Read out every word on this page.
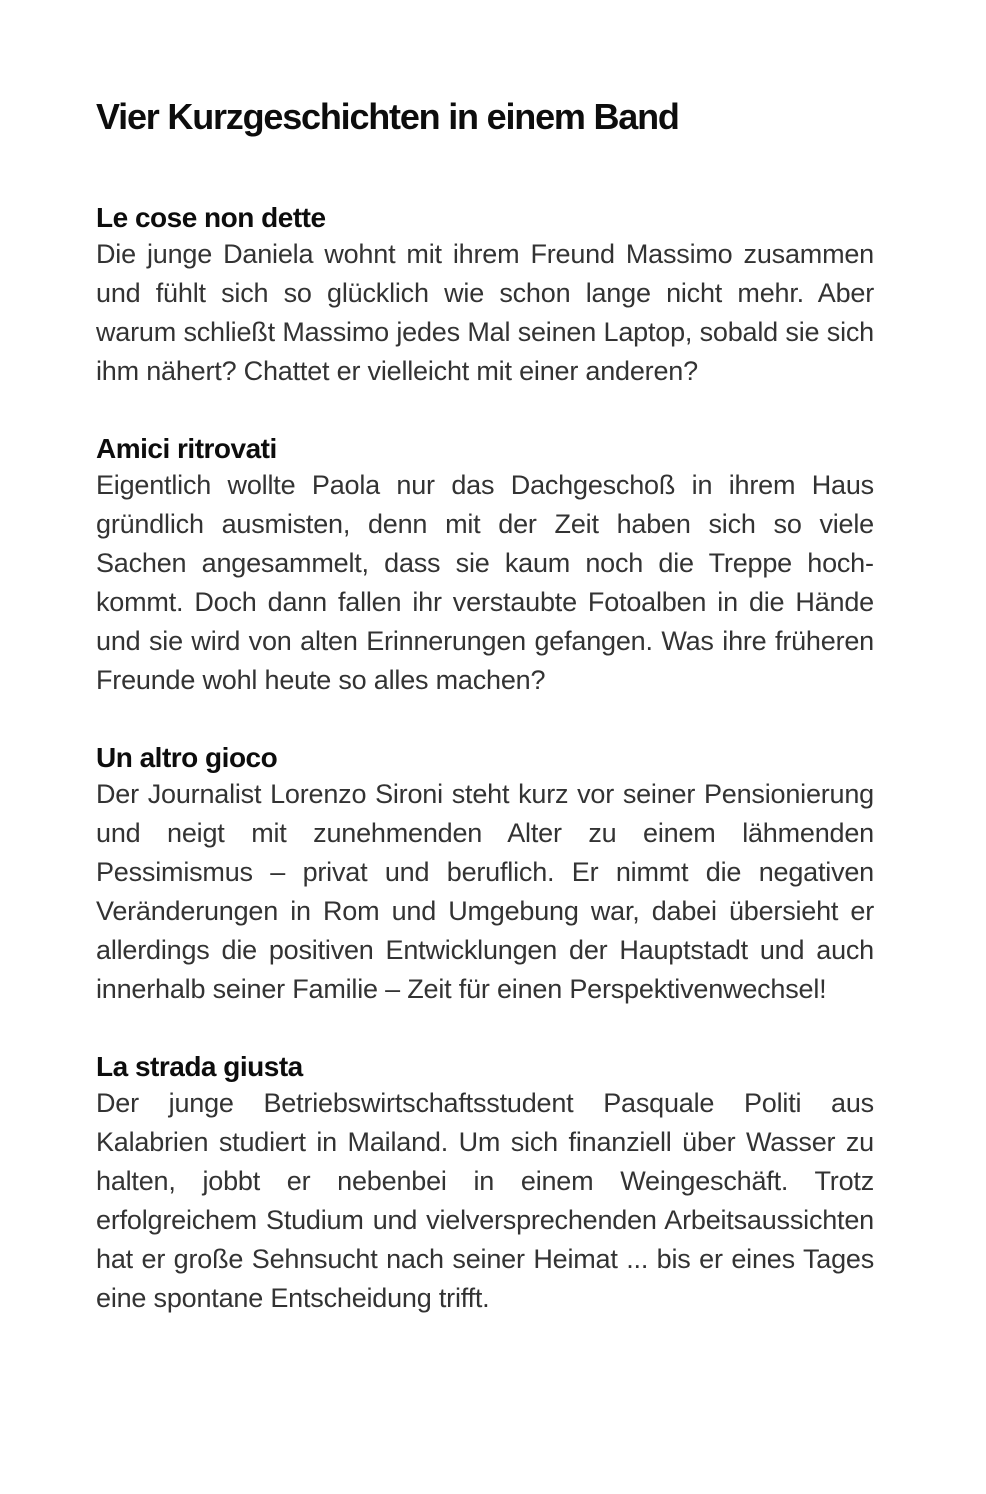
Vier Kurzgeschichten in einem Band
Le cose non dette

Die junge Daniela wohnt mit ihrem Freund Massimo zusammen und fühlt sich so glücklich wie schon lange nicht mehr. Aber warum schließt Massimo jedes Mal seinen Laptop, sobald sie sich ihm nähert? Chattet er vielleicht mit einer anderen?

Amici ritrovati

Eigentlich wollte Paola nur das Dachgeschoß in ihrem Haus gründlich ausmisten, denn mit der Zeit haben sich so viele Sachen angesammelt, dass sie kaum noch die Treppe hochkommt. Doch dann fallen ihr verstaubte Fotoalben in die Hände und sie wird von alten Erinnerungen gefangen. Was ihre früheren Freunde wohl heute so alles machen?

Un altro gioco

Der Journalist Lorenzo Sironi steht kurz vor seiner Pensionierung und neigt mit zunehmenden Alter zu einem lähmenden Pessimismus – privat und beruflich. Er nimmt die negativen Veränderungen in Rom und Umgebung war, dabei übersieht er allerdings die positiven Entwicklungen der Hauptstadt und auch innerhalb seiner Familie – Zeit für einen Perspektivenwechsel!

La strada giusta

Der junge Betriebswirtschaftsstudent Pasquale Politi aus Kalabrien studiert in Mailand. Um sich finanziell über Wasser zu halten, jobbt er nebenbei in einem Weingeschäft. Trotz erfolgreichem Studium und vielversprechenden Arbeitsaussichten hat er große Sehnsucht nach seiner Heimat ... bis er eines Tages eine spontane Entscheidung trifft.
